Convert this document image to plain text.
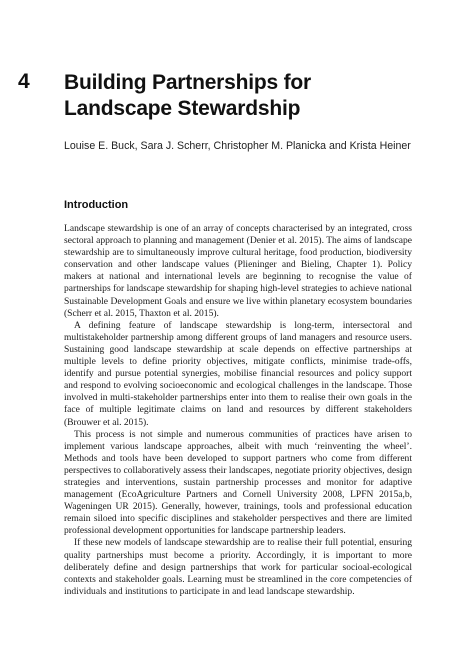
4 Building Partnerships for
Landscape Stewardship
Louise E. Buck, Sara J. Scherr, Christopher M. Planicka and Krista Heiner
Introduction

Landscape stewardship is one of an array of concepts characterised by an integrated, cross sectoral approach to planning and management (Denier et al. 2015). The aims of landscape stewardship are to simultaneously improve cultural heritage, food production, biodiversity conservation and other landscape values (Plieninger and Bieling, Chapter 1). Policy makers at national and international levels are beginning to recognise the value of partnerships for landscape stewardship for shaping high-level strategies to achieve national Sustainable Development Goals and ensure we live within planetary ecosystem boundaries (Scherr et al. 2015, Thaxton et al. 2015).

A defining feature of landscape stewardship is long-term, intersectoral and multistakeholder partnership among different groups of land managers and resource users. Sustaining good landscape stewardship at scale depends on effective partnerships at multiple levels to define priority objectives, mitigate conflicts, minimise trade-offs, identify and pursue potential synergies, mobilise financial resources and policy support and respond to evolving socioeconomic and ecological challenges in the landscape. Those involved in multi-stakeholder partnerships enter into them to realise their own goals in the face of multiple legitimate claims on land and resources by different stakeholders (Brouwer et al. 2015).

This process is not simple and numerous communities of practices have arisen to implement various landscape approaches, albeit with much ‘reinventing the wheel’. Methods and tools have been developed to support partners who come from different perspectives to collaboratively assess their landscapes, negotiate priority objectives, design strategies and interventions, sustain partnership processes and monitor for adaptive management (EcoAgriculture Partners and Cornell University 2008, LPFN 2015a,b, Wageningen UR 2015). Generally, however, trainings, tools and professional education remain siloed into specific disciplines and stakeholder perspectives and there are limited professional development opportunities for landscape partnership leaders.

If these new models of landscape stewardship are to realise their full potential, ensuring quality partnerships must become a priority. Accordingly, it is important to more deliberately define and design partnerships that work for particular socioal-ecological contexts and stakeholder goals. Learning must be streamlined in the core competencies of individuals and institutions to participate in and lead landscape stewardship.
